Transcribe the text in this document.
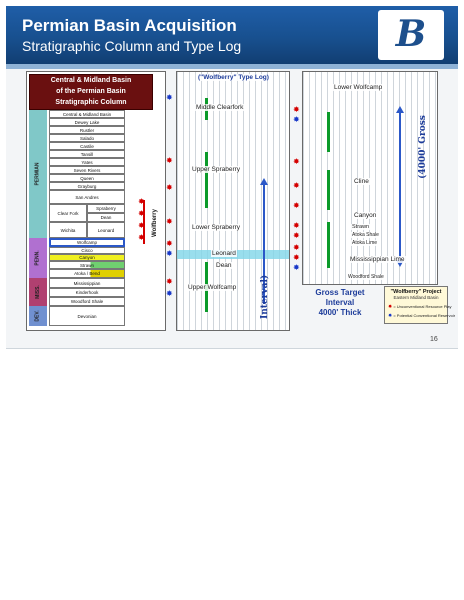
Permian Basin Acquisition
Stratigraphic Column and Type Log	B
Central & Midland Basin
of the Permian Basin
Stratigraphic Column
PERMIAN
PENN.
MISS.
DEV.
Central & Midland Basin
Dewey Lake
Rustler
Salado
Castile
Tansill
Yates
Seven Rivers
Queen
Grayburg
San Andres
Clear Fork
Spraberry
Dean
Wichita	Leonard
Wolfcamp
Cisco
Canyon
Strawn
Atoka / Bend
Mississippian
Kinderhook
Woodford Shale
Devonian
✸
✸
✸
✸
Wolfberry
("Wolfberry" Type Log)
Middle Clearfork
Upper Spraberry
Lower Spraberry
Leonard
Dean
Upper Wolfcamp	Interval)
✸
✸
✸
✸
✸
✸
✸
✸
Lower Wolfcamp
Cline
Canyon
Strawn
Atoka Shale
Atoka Lime
Mississippian Lime
Woodford Shale
(4000' Gross
✸
✸
✸
✸
✸
✸
✸
✸
✸
✸
Gross Target
Interval
4000' Thick
"Wolfberry" Project
Eastern Midland Basin
✸ = Unconventional Resource Play
✸ = Potential Conventional Reservoir
16
